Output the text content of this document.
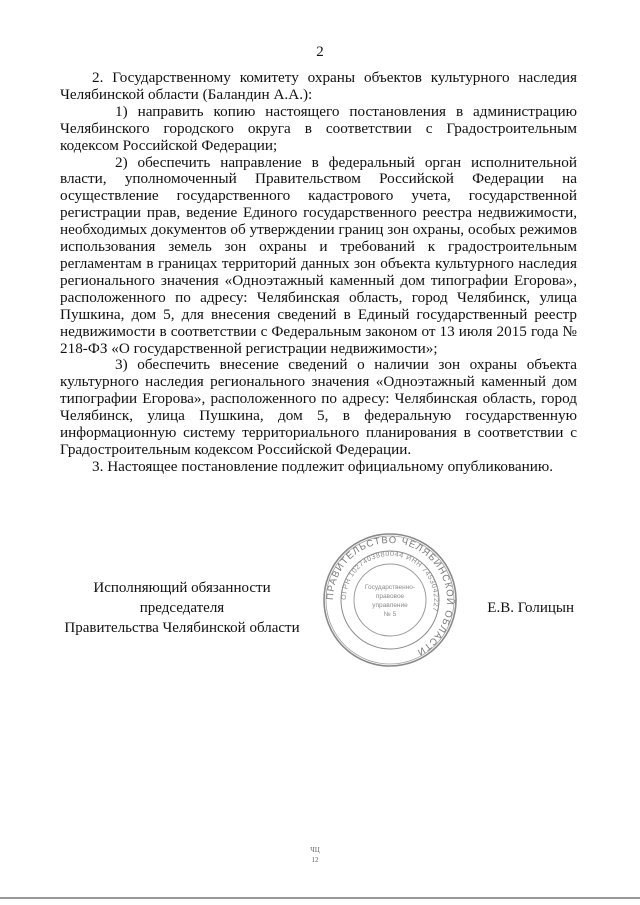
2

2. Государственному комитету охраны объектов культурного наследия Челябинской области (Баландин А.А.):

1) направить копию настоящего постановления в администрацию Челябинского городского округа в соответствии с Градостроительным кодексом Российской Федерации;

2) обеспечить направление в федеральный орган исполнительной власти, уполномоченный Правительством Российской Федерации на осуществление государственного кадастрового учета, государственной регистрации прав, ведение Единого государственного реестра недвижимости, необходимых документов об утверждении границ зон охраны, особых режимов использования земель зон охраны и требований к градостроительным регламентам в границах территорий данных зон объекта культурного наследия регионального значения «Одноэтажный каменный дом типографии Егорова», расположенного по адресу: Челябинская область, город Челябинск, улица Пушкина, дом 5, для внесения сведений в Единый государственный реестр недвижимости в соответствии с Федеральным законом от 13 июля 2015 года № 218-ФЗ «О государственной регистрации недвижимости»;

3) обеспечить внесение сведений о наличии зон охраны объекта культурного наследия регионального значения «Одноэтажный каменный дом типографии Егорова», расположенного по адресу: Челябинская область, город Челябинск, улица Пушкина, дом 5, в федеральную государственную информационную систему территориального планирования в соответствии с Градостроительным кодексом Российской Федерации.

3. Настоящее постановление подлежит официальному опубликованию.

Исполняющий обязанности председателя
Правительства Челябинской области
ПРАВИТЕЛЬСТВО ЧЕЛЯБИНСКОЙ ОБЛАСТИ
ОГРН 1027403880044 ИНН 7453042227
Государственно-
правовое
управление
№ 5	Е.В. Голицын
ЧЦ
12
